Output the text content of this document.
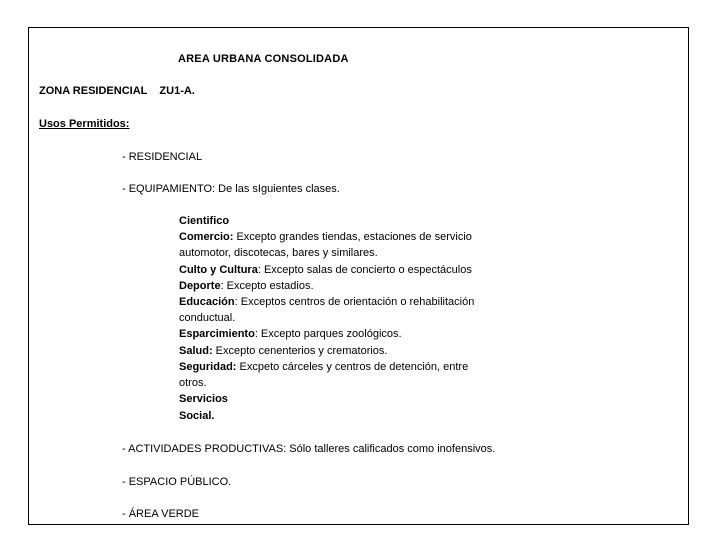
AREA URBANA CONSOLIDADA
ZONA RESIDENCIAL ZU1-A.
Usos Permitidos:
- RESIDENCIAL
- EQUIPAMIENTO: De las sIguientes clases.
Cientifico
Comercio: Excepto grandes tiendas, estaciones de servicio
automotor, discotecas, bares y similares.
Culto y Cultura: Excepto salas de concierto o espectáculos
Deporte: Excepto estadios.
Educación: Exceptos centros de orientación o rehabilitación
conductual.
Esparcimiento: Excepto parques zoológicos.
Salud: Excepto cenenterios y crematorios.
Seguridad: Excpeto cárceles y centros de detención, entre
otros.
Servicios
Social.
- ACTIVIDADES PRODUCTIVAS: Sólo talleres calificados como inofensivos.
- ESPACIO PÚBLICO.
- ÁREA VERDE
